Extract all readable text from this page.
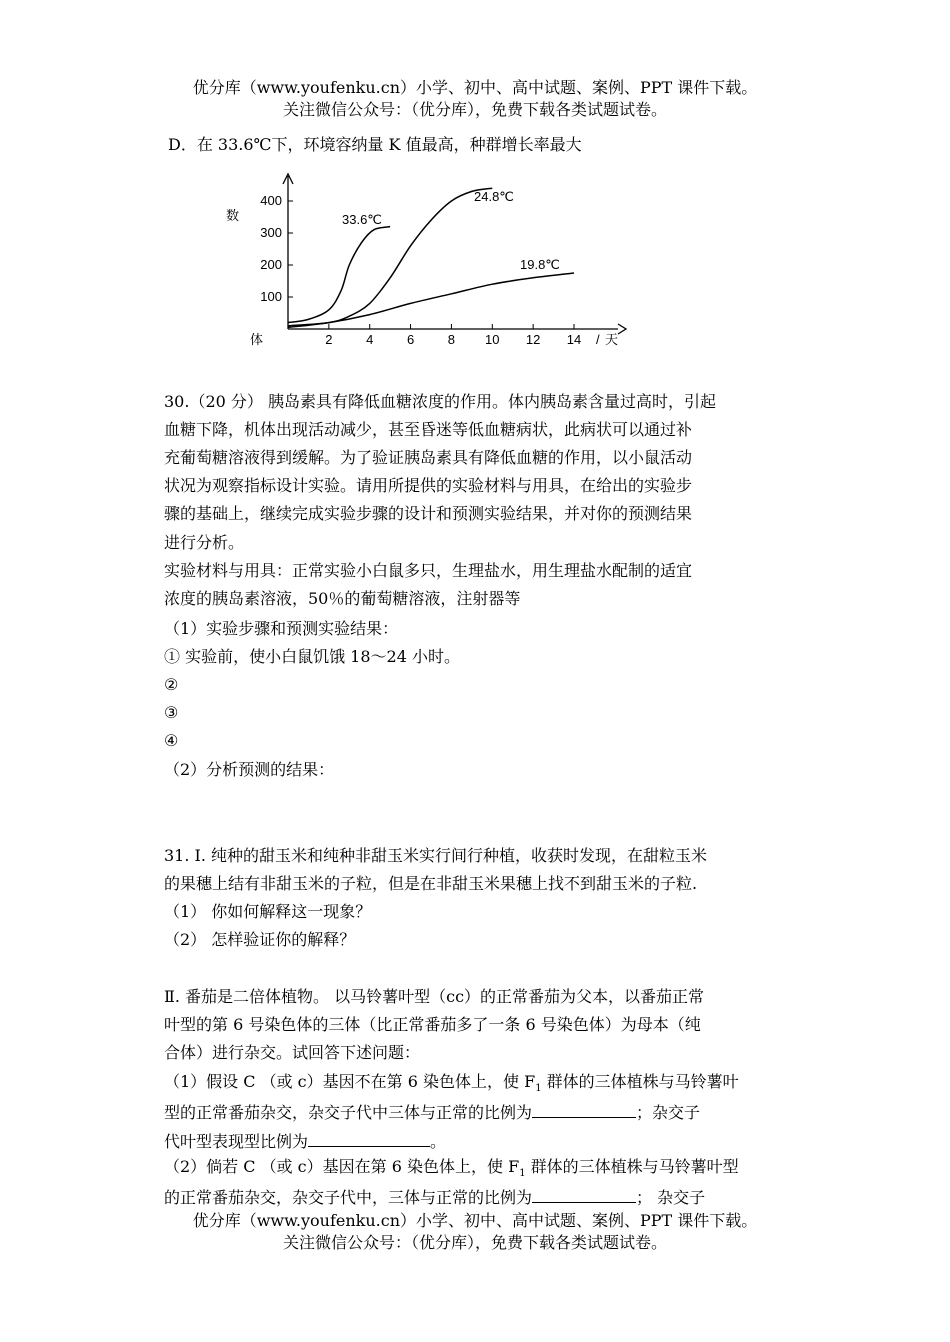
优分库（www.youfenku.cn）小学、初中、高中试题、案例、PPT 课件下载。
关注微信公众号：（优分库），免费下载各类试题试卷。
D．在 33.6℃下，环境容纳量 K 值最高，种群增长率最大
2	4	6	8 10 12 14
100
200
300
400
数
体	/ 天
33.6℃
24.8℃
19.8℃
30.（20 分） 胰岛素具有降低血糖浓度的作用。体内胰岛素含量过高时，引起
血糖下降，机体出现活动减少，甚至昏迷等低血糖病状，此病状可以通过补
充葡萄糖溶液得到缓解。为了验证胰岛素具有降低血糖的作用，以小鼠活动
状况为观察指标设计实验。请用所提供的实验材料与用具，在给出的实验步
骤的基础上，继续完成实验步骤的设计和预测实验结果，并对你的预测结果
进行分析。
实验材料与用具：正常实验小白鼠多只，生理盐水，用生理盐水配制的适宜
浓度的胰岛素溶液，50％的葡萄糖溶液，注射器等
（1）实验步骤和预测实验结果：
① 实验前，使小白鼠饥饿 18～24 小时。
②
③
④
（2）分析预测的结果：
31. Ⅰ. 纯种的甜玉米和纯种非甜玉米实行间行种植，收获时发现，在甜粒玉米
的果穗上结有非甜玉米的子粒，但是在非甜玉米果穗上找不到甜玉米的子粒.
（1） 你如何解释这一现象？
（2） 怎样验证你的解释？
Ⅱ. 番茄是二倍体植物。 以马铃薯叶型（cc）的正常番茄为父本，以番茄正常
叶型的第 6 号染色体的三体（比正常番茄多了一条 6 号染色体）为母本（纯
合体）进行杂交。试回答下述问题：
（1）假设 C （或 c）基因不在第 6 染色体上，使 $F_1$ 群体的三体植株与马铃薯叶
型的正常番茄杂交，杂交子代中三体与正常的比例为	；杂交子
代叶型表现型比例为	。
（2）倘若 C （或 c）基因在第 6 染色体上，使 $F_1$ 群体的三体植株与马铃薯叶型
的正常番茄杂交，杂交子代中，三体与正常的比例为	； 杂交子
优分库（www.youfenku.cn）小学、初中、高中试题、案例、PPT 课件下载。
关注微信公众号：（优分库），免费下载各类试题试卷。
